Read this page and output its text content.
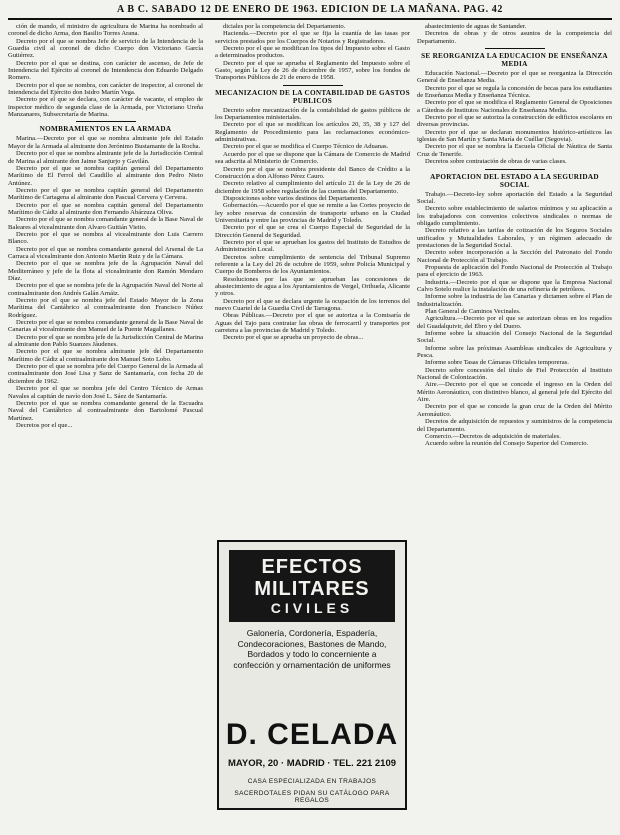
A B C. SABADO 12 DE ENERO DE 1963. EDICION DE LA MAÑANA. PAG. 42

ción de mando, el ministro de agricultura de Marina ha nombrado al coronel de dicho Arma, don Basilio Torres Arana.

Decreto por el que se nombra Jefe de servicio de la Intendencia de la Guardia civil al coronel de dicho Cuerpo don Victoriano García Gutiérrez.

Decreto por el que se destina, con carácter de ascenso, de Jefe de Intendencia del Ejército al coronel de Intendencia don Eduardo Delgado Romero.

Decreto por el que se nombra, con carácter de inspector, al coronel de Intendencia del Ejército don Isidro Martín Vega.

Decreto por el que se declara, con carácter de vacante, el empleo de inspector médico de segunda clase de la Armada, por Victoriano Ureña Manzanares, Subsecretaría de Marina.

NOMBRAMIENTOS EN LA ARMADA

Marina.—Decreto por el que se nombra almirante jefe del Estado Mayor de la Armada al almirante don Jerónimo Bustamante de la Rocha.

Decreto por el que se nombra almirante jefe de la Jurisdicción Central de Marina al almirante don Jaime Sanjurjo y Gavilán.

Decreto por el que se nombra capitán general del Departamento Marítimo de El Ferrol del Caudillo al almirante don Pedro Nieto Antúnez.

Decreto por el que se nombra capitán general del Departamento Marítimo de Cartagena al almirante don Pascual Cervera y Cervera.

Decreto por el que se nombra capitán general del Departamento Marítimo de Cádiz al almirante don Fernando Abárzuza Oliva.

Decreto por el que se nombra comandante general de la Base Naval de Baleares al vicealmirante don Alvaro Guitián Vieito.

Decreto por el que se nombra al vicealmirante don Luis Carrero Blanco.

Decreto por el que se nombra comandante general del Arsenal de La Carraca al vicealmirante don Antonio Martín Ruiz y de la Cámara.

Decreto por el que se nombra jefe de la Agrupación Naval del Mediterráneo y jefe de la flota al vicealmirante don Ramón Mendaro Díaz.

Decreto por el que se nombra jefe de la Agrupación Naval del Norte al contraalmirante don Andrés Galán Arnáiz.

Decreto por el que se nombra jefe del Estado Mayor de la Zona Marítima del Cantábrico al contraalmirante don Francisco Núñez Rodríguez.

Decreto por el que se nombra comandante general de la Base Naval de Canarias al vicealmirante don Manuel de la Puente Magallanes.

Decreto por el que se nombra jefe de la Jurisdicción Central de Marina al almirante don Pablo Suanzes Jáudenes.

Decreto por el que se nombra almirante jefe del Departamento Marítimo de Cádiz al contraalmirante don Manuel Soto Lobo.

Decreto por el que se nombra jefe del Cuerpo General de la Armada al contraalmirante don José Lisa y Sanz de Santamaría, con fecha 20 de diciembre de 1962.

Decreto por el que se nombra jefe del Centro Técnico de Armas Navales al capitán de navío don José L. Sáez de Santamaría.

Decreto por el que se nombra comandante general de la Escuadra Naval del Cantábrico al contraalmirante don Bartolomé Pascual Martínez.

Decretos por el que...

diciales por la competencia del Departamento.

Hacienda.—Decreto por el que se fija la cuantía de las tasas por servicios prestados por los Cuerpos de Notarios y Registradores.

Decreto por el que se modifican los tipos del Impuesto sobre el Gasto a determinados productos.

Decreto por el que se aprueba el Reglamento del Impuesto sobre el Gasto, según la Ley de 26 de diciembre de 1957, sobre los fondos de Transportes Públicos de 21 de enero de 1958.

MECANIZACION DE LA CONTABILIDAD DE GASTOS PUBLICOS

Decreto sobre mecanización de la contabilidad de gastos públicos de los Departamentos ministeriales.

Decreto por el que se modifican los artículos 20, 35, 38 y 127 del Reglamento de Procedimiento para las reclamaciones económico-administrativas.

Decreto por el que se modifica el Cuerpo Técnico de Aduanas.

Acuerdo por el que se dispone que la Cámara de Comercio de Madrid sea adscrita al Ministerio de Comercio.

Decreto por el que se nombra presidente del Banco de Crédito a la Construcción a don Alfonso Pérez Cauro.

Decreto relativo al cumplimiento del artículo 21 de la Ley de 26 de diciembre de 1958 sobre regulación de las cuentas del Departamento.

Disposiciones sobre varios destinos del Departamento.

Gobernación.—Acuerdo por el que se remite a las Cortes proyecto de ley sobre reservas de concesión de transporte urbano en la Ciudad Universitaria y entre las provincias de Madrid y Toledo.

Decreto por el que se crea el Cuerpo Especial de Seguridad de la Dirección General de Seguridad.

Decreto por el que se aprueban los gastos del Instituto de Estudios de Administración Local.

Decretos sobre cumplimiento de sentencia del Tribunal Supremo referente a la Ley del 26 de octubre de 1959, sobre Policía Municipal y Cuerpo de Bomberos de los Ayuntamientos.

Resoluciones por las que se aprueban las concesiones de abastecimiento de agua a los Ayuntamientos de Vergel, Orihuela, Alicante y otros.

Decreto por el que se declara urgente la ocupación de los terrenos del nuevo Cuartel de la Guardia Civil de Tarragona.

Obras Públicas.—Decreto por el que se autoriza a la Comisaría de Aguas del Tajo para contratar las obras de ferrocarril y transportes por carretera a las provincias de Madrid y Toledo.

Decreto por el que se aprueba un proyecto de obras...

abastecimiento de aguas de Santander.

Decretos de obras y de otros asuntos de la competencia del Departamento.

SE REORGANIZA LA EDUCACION DE ENSEÑANZA MEDIA

Educación Nacional.—Decreto por el que se reorganiza la Dirección General de Enseñanza Media.

Decreto por el que se regula la concesión de becas para los estudiantes de Enseñanza Media y Enseñanza Técnica.

Decreto por el que se modifica el Reglamento General de Oposiciones a Cátedras de Institutos Nacionales de Enseñanza Media.

Decreto por el que se autoriza la construcción de edificios escolares en diversas provincias.

Decreto por el que se declaran monumentos histórico-artísticos las iglesias de San Martín y Santa María de Cuéllar (Segovia).

Decreto por el que se nombra la Escuela Oficial de Náutica de Santa Cruz de Tenerife.

Decretos sobre contratación de obras de varias clases.

APORTACION DEL ESTADO A LA SEGURIDAD SOCIAL

Trabajo.—Decreto-ley sobre aportación del Estado a la Seguridad Social.

Decreto sobre establecimiento de salarios mínimos y su aplicación a los trabajadores con convenios colectivos sindicales o normas de obligado cumplimiento.

Decreto relativo a las tarifas de cotización de los Seguros Sociales unificados y Mutualidades Laborales, y un régimen adecuado de prestaciones de la Seguridad Social.

Decreto sobre incorporación a la Sección del Patronato del Fondo Nacional de Protección al Trabajo.

Propuesta de aplicación del Fondo Nacional de Protección al Trabajo para el ejercicio de 1963.

Industria.—Decreto por el que se dispone que la Empresa Nacional Calvo Sotelo realice la instalación de una refinería de petróleos.

Informe sobre la industria de las Canarias y dictamen sobre el Plan de Industrialización.

Plan General de Caminos Vecinales.

Agricultura.—Decreto por el que se autorizan obras en los regadíos del Guadalquivir, del Ebro y del Duero.

Informe sobre la situación del Consejo Nacional de la Seguridad Social.

Informe sobre las próximas Asambleas sindicales de Agricultura y Pesca.

Informe sobre Tasas de Cámaras Oficiales temporeras.

Decreto sobre concesión del título de Fiel Protección al Instituto Nacional de Colonización.

Aire.—Decreto por el que se concede el ingreso en la Orden del Mérito Aeronáutico, con distintivo blanco, al general jefe del Ejército del Aire.

Decreto por el que se concede la gran cruz de la Orden del Mérito Aeronáutico.

Decretos de adquisición de repuestos y suministros de la competencia del Departamento.

Comercio.—Decretos de adquisición de materiales.

Acuerdo sobre la reunión del Consejo Superior del Comercio.

EFECTOS
MILITARES
CIVILES
Galonería, Cordonería, Espadería, Condecoraciones, Bastones de Mando, Bordados y todo lo concerniente a confección y ornamentación de uniformes
D. CELADA
MAYOR, 20 · MADRID · TEL. 221 2109
CASA ESPECIALIZADA EN TRABAJOS
SACERDOTALES PIDAN SU CATÁLOGO PARA REGALOS
